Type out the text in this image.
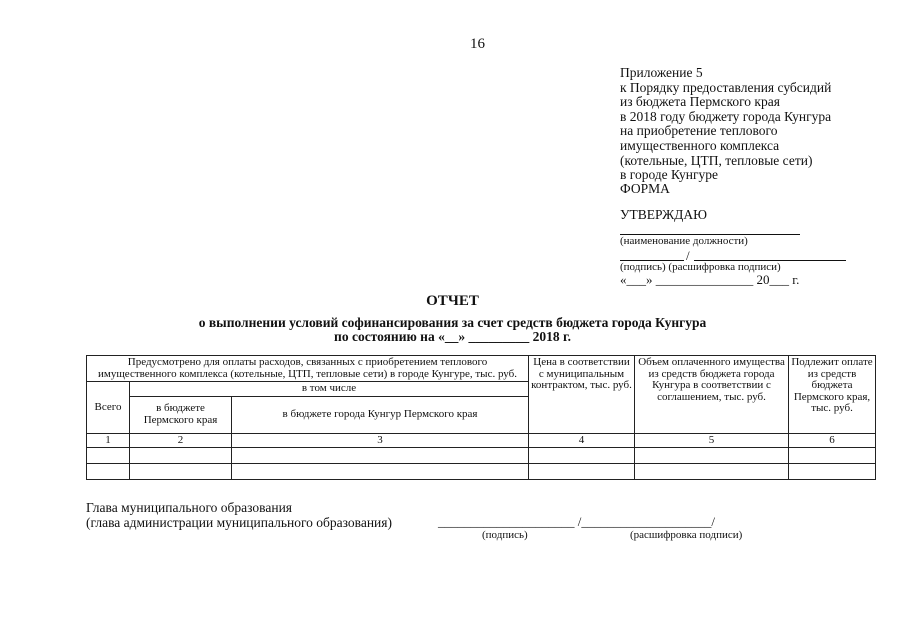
16
Приложение 5
к Порядку предоставления субсидий
из бюджета Пермского края
в 2018 году бюджету города Кунгура
на приобретение теплового
имущественного комплекса
(котельные, ЦТП, тепловые сети)
в городе Кунгуре
ФОРМА
УТВЕРЖДАЮ
(наименование должности)
/
(подпись) (расшифровка подписи)
«___» _______________ 20___ г.
ОТЧЕТ
о выполнении условий софинансирования за счет средств бюджета города Кунгура
по состоянию на «__» _________ 2018 г.
Предусмотрено для оплаты расходов, связанных с приобретением теплового имущественного комплекса (котельные, ЦТП, тепловые сети) в городе Кунгуре, тыс. руб.			Цена в соответствии с муниципальным контрактом, тыс. руб.	Объем оплаченного имущества из средств бюджета города Кунгура в соответствии с соглашением, тыс. руб.	Подлежит оплате из средств бюджета Пермского края, тыс. руб.
Всего	в том числе				
	в бюджете Пермского края	в бюджете города Кунгур Пермского края			
1	2	3	4	5	6

Глава муниципального образования
(глава администрации муниципального образования)	_____________________ /____________________/
(подпись)	(расшифровка подписи)
